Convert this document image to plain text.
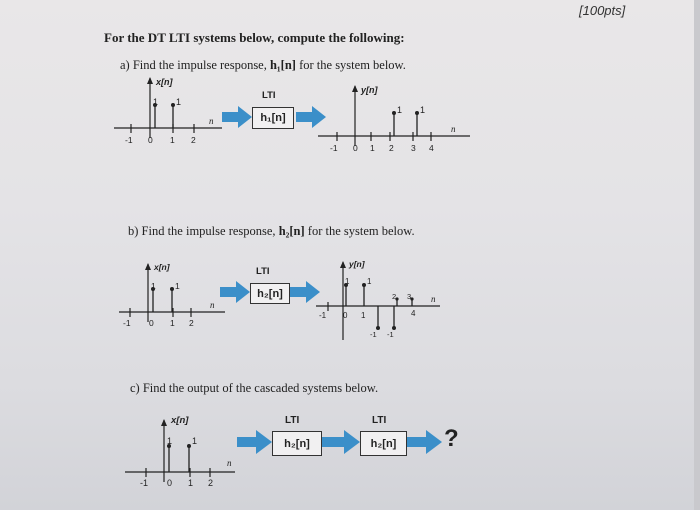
[100pts]
For the DT LTI systems below, compute the following:
a) Find the impulse response, h₁[n] for the system below.
x[n]
y[n]
1 1
1 1
n
n
-1 0 1 2
-1 0 1 2 3 4
LTI
h₁[n]
b) Find the impulse response, h₂[n] for the system below.
x[n]	y[n]
1 1	1 1
2 3
-1 -1
n
n
-1 0 1 2
-1 0 1	4
LTI
h₂[n]
c) Find the output of the cascaded systems below.
x[n]
1 1
n
-1 0 1 2
LTI
h₂[n]
LTI
h₂[n] ?
